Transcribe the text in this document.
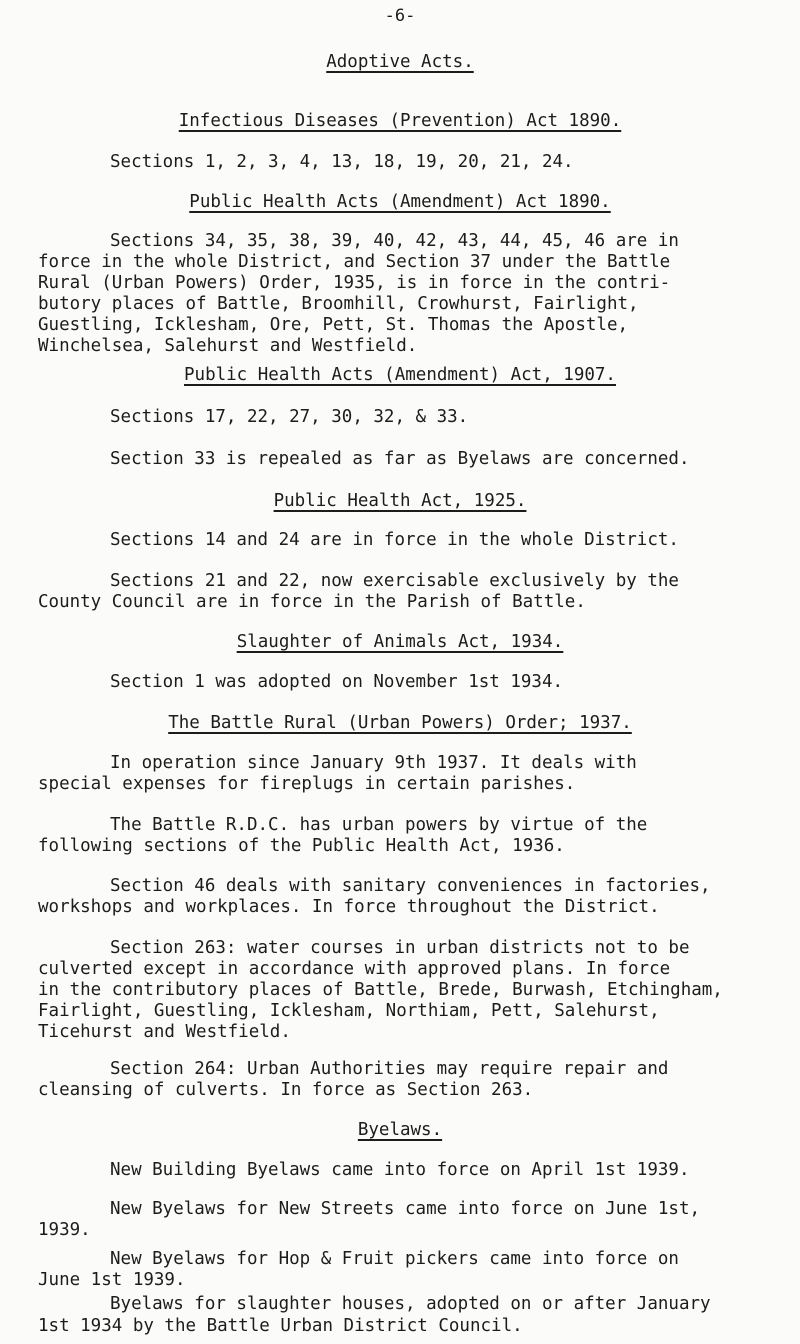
-6-
Adoptive Acts.
Infectious Diseases (Prevention) Act 1890.
Sections 1, 2, 3, 4, 13, 18, 19, 20, 21, 24.
Public Health Acts (Amendment) Act 1890.
Sections 34, 35, 38, 39, 40, 42, 43, 44, 45, 46 are in
force in the whole District, and Section 37 under the Battle
Rural (Urban Powers) Order, 1935, is in force in the contri-
butory places of Battle, Broomhill, Crowhurst, Fairlight,
Guestling, Icklesham, Ore, Pett, St. Thomas the Apostle,
Winchelsea, Salehurst and Westfield.
Public Health Acts (Amendment) Act, 1907.
Sections 17, 22, 27, 30, 32, & 33.
Section 33 is repealed as far as Byelaws are concerned.
Public Health Act, 1925.
Sections 14 and 24 are in force in the whole District.
Sections 21 and 22, now exercisable exclusively by the
County Council are in force in the Parish of Battle.
Slaughter of Animals Act, 1934.
Section 1 was adopted on November 1st 1934.
The Battle Rural (Urban Powers) Order; 1937.
In operation since January 9th 1937. It deals with
special expenses for fireplugs in certain parishes.
The Battle R.D.C. has urban powers by virtue of the
following sections of the Public Health Act, 1936.
Section 46 deals with sanitary conveniences in factories,
workshops and workplaces. In force throughout the District.
Section 263: water courses in urban districts not to be
culverted except in accordance with approved plans. In force
in the contributory places of Battle, Brede, Burwash, Etchingham,
Fairlight, Guestling, Icklesham, Northiam, Pett, Salehurst,
Ticehurst and Westfield.
Section 264: Urban Authorities may require repair and
cleansing of culverts. In force as Section 263.
Byelaws.
New Building Byelaws came into force on April 1st 1939.
New Byelaws for New Streets came into force on June 1st,
1939.
New Byelaws for Hop & Fruit pickers came into force on
June 1st 1939.
Byelaws for slaughter houses, adopted on or after January
1st 1934 by the Battle Urban District Council.
